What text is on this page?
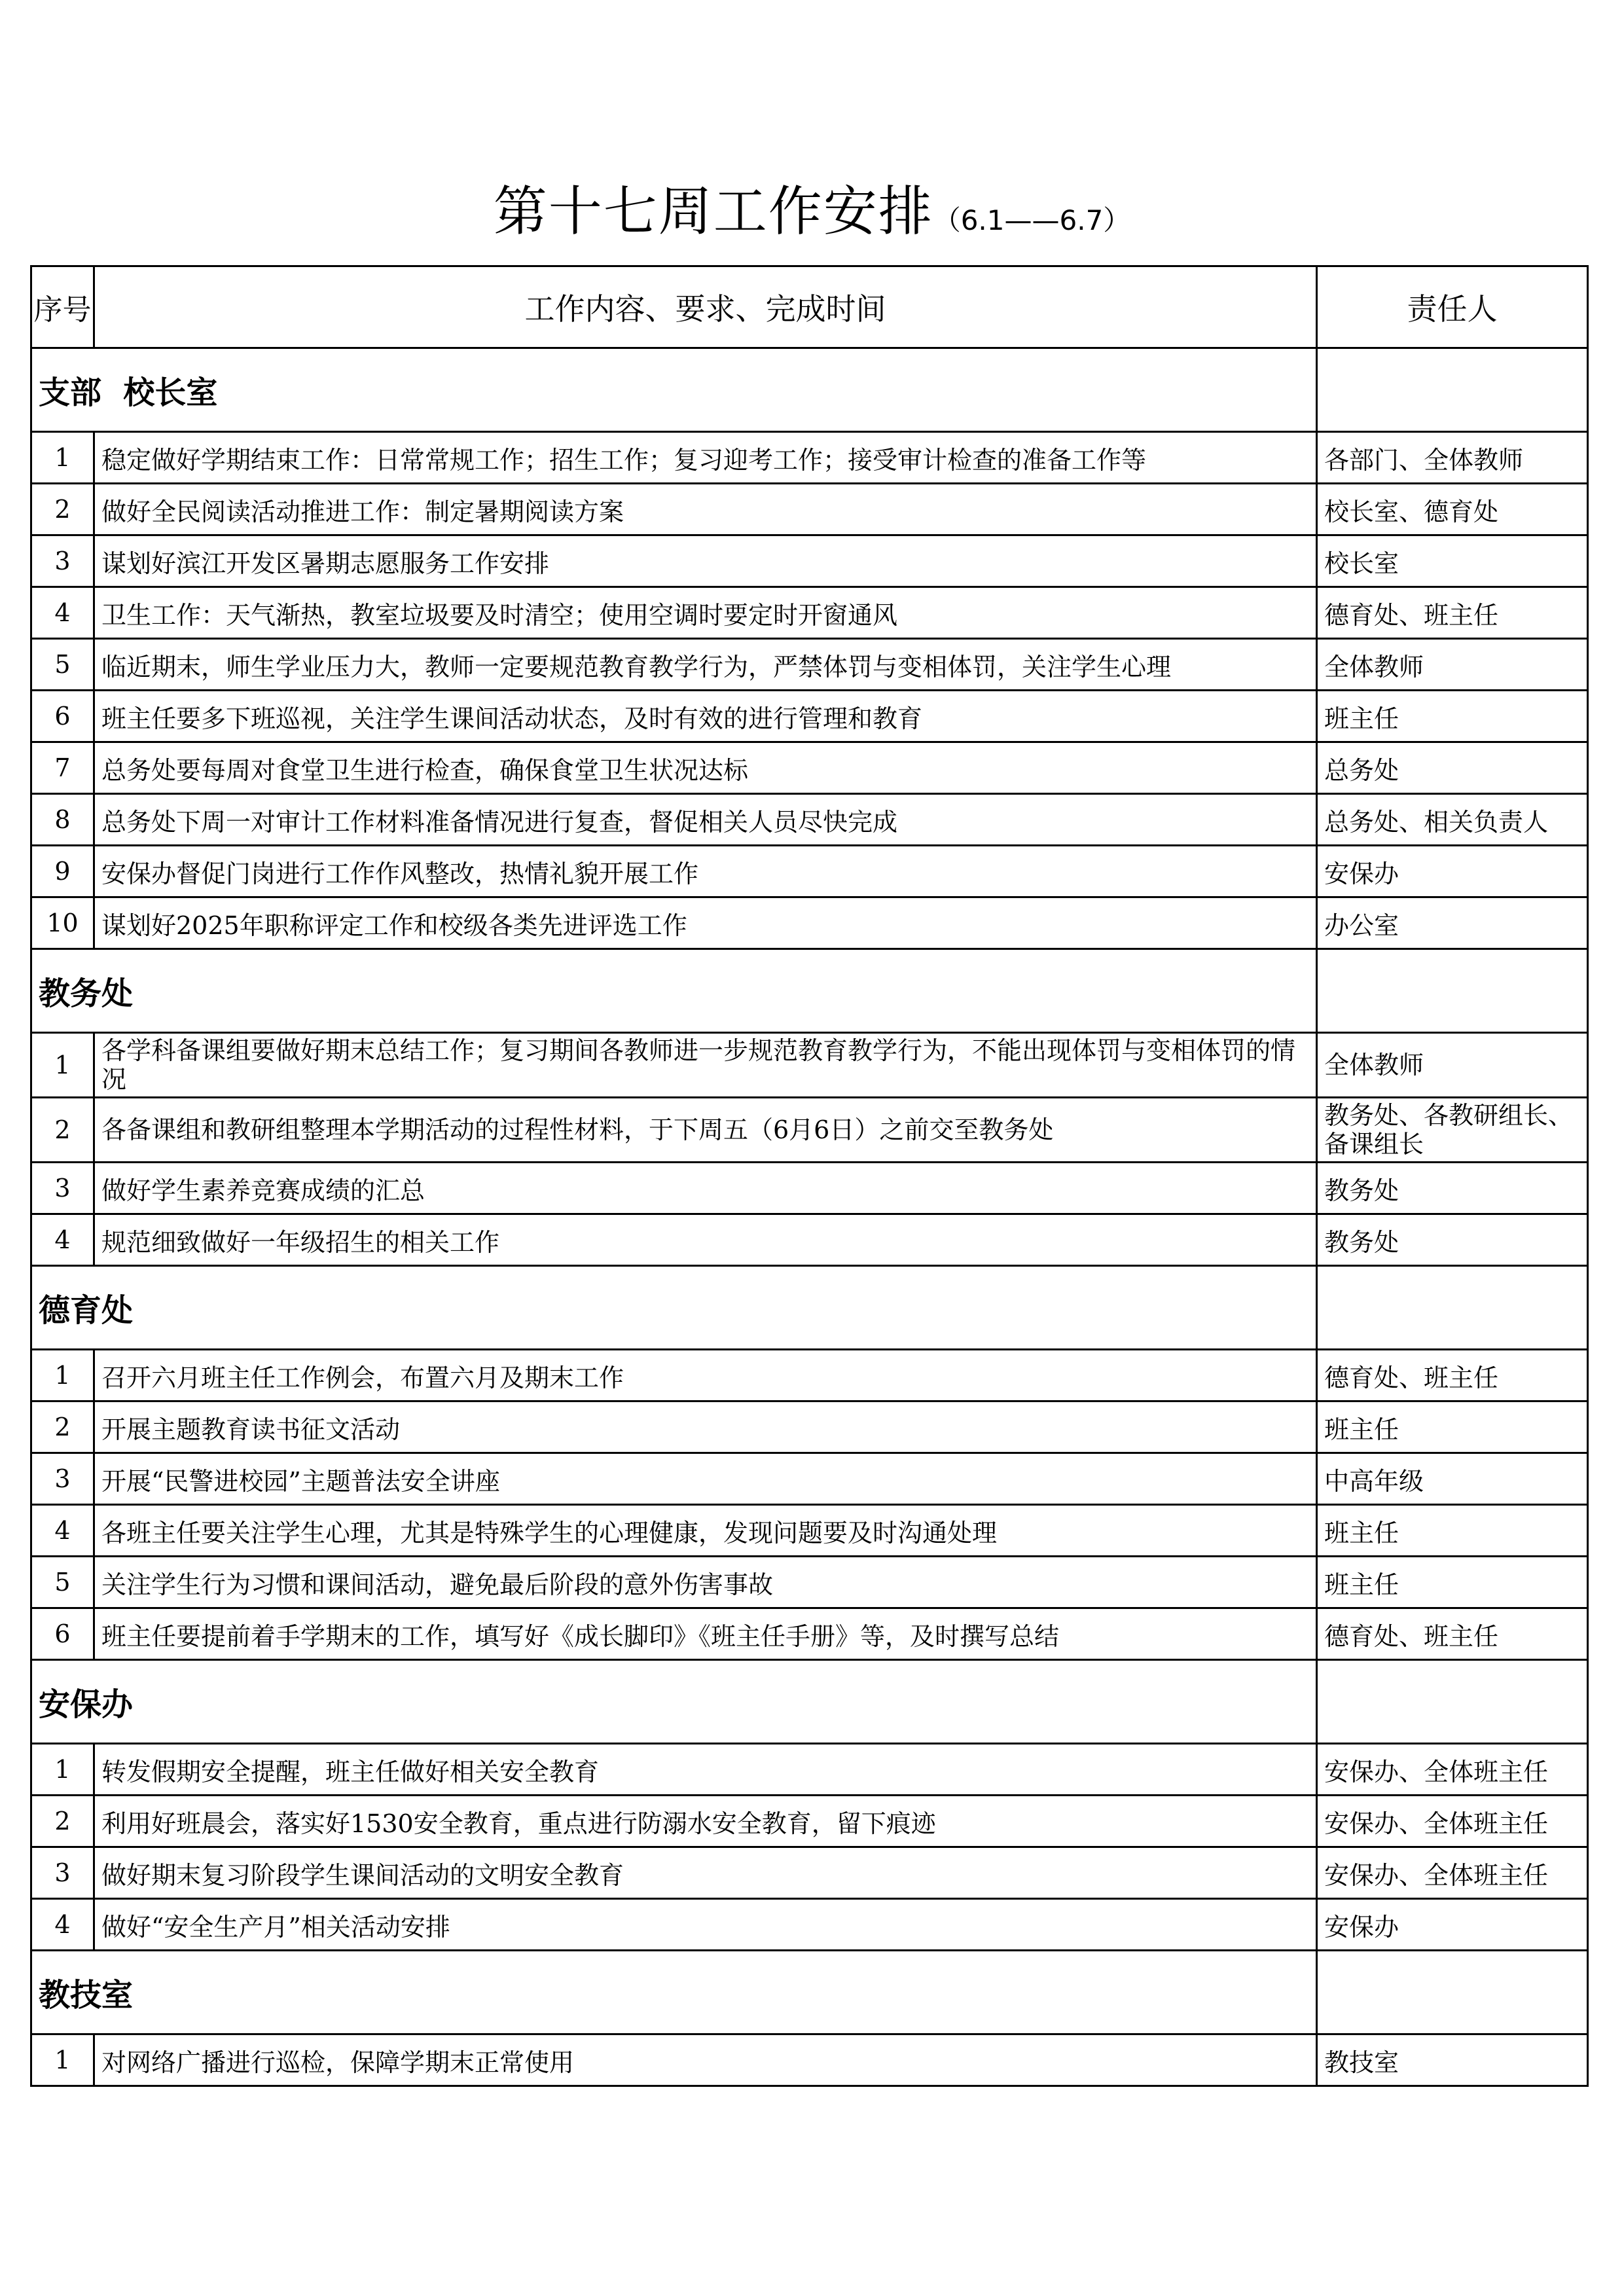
第十七周工作安排（6.1——6.7）
序号	工作内容、要求、完成时间	责任人
支部  校长室		
1	稳定做好学期结束工作：日常常规工作；招生工作；复习迎考工作；接受审计检查的准备工作等	各部门、全体教师
2	做好全民阅读活动推进工作：制定暑期阅读方案	校长室、德育处
3	谋划好滨江开发区暑期志愿服务工作安排	校长室
4	卫生工作：天气渐热，教室垃圾要及时清空；使用空调时要定时开窗通风	德育处、班主任
5	临近期末，师生学业压力大，教师一定要规范教育教学行为，严禁体罚与变相体罚，关注学生心理	全体教师
6	班主任要多下班巡视，关注学生课间活动状态，及时有效的进行管理和教育	班主任
7	总务处要每周对食堂卫生进行检查，确保食堂卫生状况达标	总务处
8	总务处下周一对审计工作材料准备情况进行复查，督促相关人员尽快完成	总务处、相关负责人
9	安保办督促门岗进行工作作风整改，热情礼貌开展工作	安保办
10	谋划好2025年职称评定工作和校级各类先进评选工作	办公室
教务处		
1	各学科备课组要做好期末总结工作；复习期间各教师进一步规范教育教学行为，不能出现体罚与变相体罚的情况	全体教师
2	各备课组和教研组整理本学期活动的过程性材料，于下周五（6月6日）之前交至教务处	教务处、各教研组长、备课组长
3	做好学生素养竞赛成绩的汇总	教务处
4	规范细致做好一年级招生的相关工作	教务处
德育处		
1	召开六月班主任工作例会，布置六月及期末工作	德育处、班主任
2	开展主题教育读书征文活动	班主任
3	开展“民警进校园”主题普法安全讲座	中高年级
4	各班主任要关注学生心理，尤其是特殊学生的心理健康，发现问题要及时沟通处理	班主任
5	关注学生行为习惯和课间活动，避免最后阶段的意外伤害事故	班主任
6	班主任要提前着手学期末的工作，填写好《成长脚印》《班主任手册》等，及时撰写总结	德育处、班主任
安保办		
1	转发假期安全提醒，班主任做好相关安全教育	安保办、全体班主任
2	利用好班晨会，落实好1530安全教育，重点进行防溺水安全教育，留下痕迹	安保办、全体班主任
3	做好期末复习阶段学生课间活动的文明安全教育	安保办、全体班主任
4	做好“安全生产月”相关活动安排	安保办
教技室		
1	对网络广播进行巡检，保障学期末正常使用	教技室
